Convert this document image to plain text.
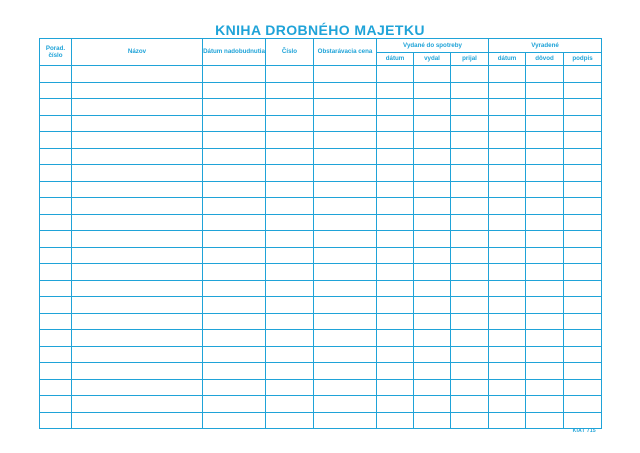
KNIHA DROBNÉHO MAJETKU
Porad. číslo	Názov	Dátum nadobudnutia	Číslo	Obstarávacia cena	Vydané do spotreby			Vyradené		
					dátum	vydal	prijal	dátum	dôvod	podpis

KIAT 715
